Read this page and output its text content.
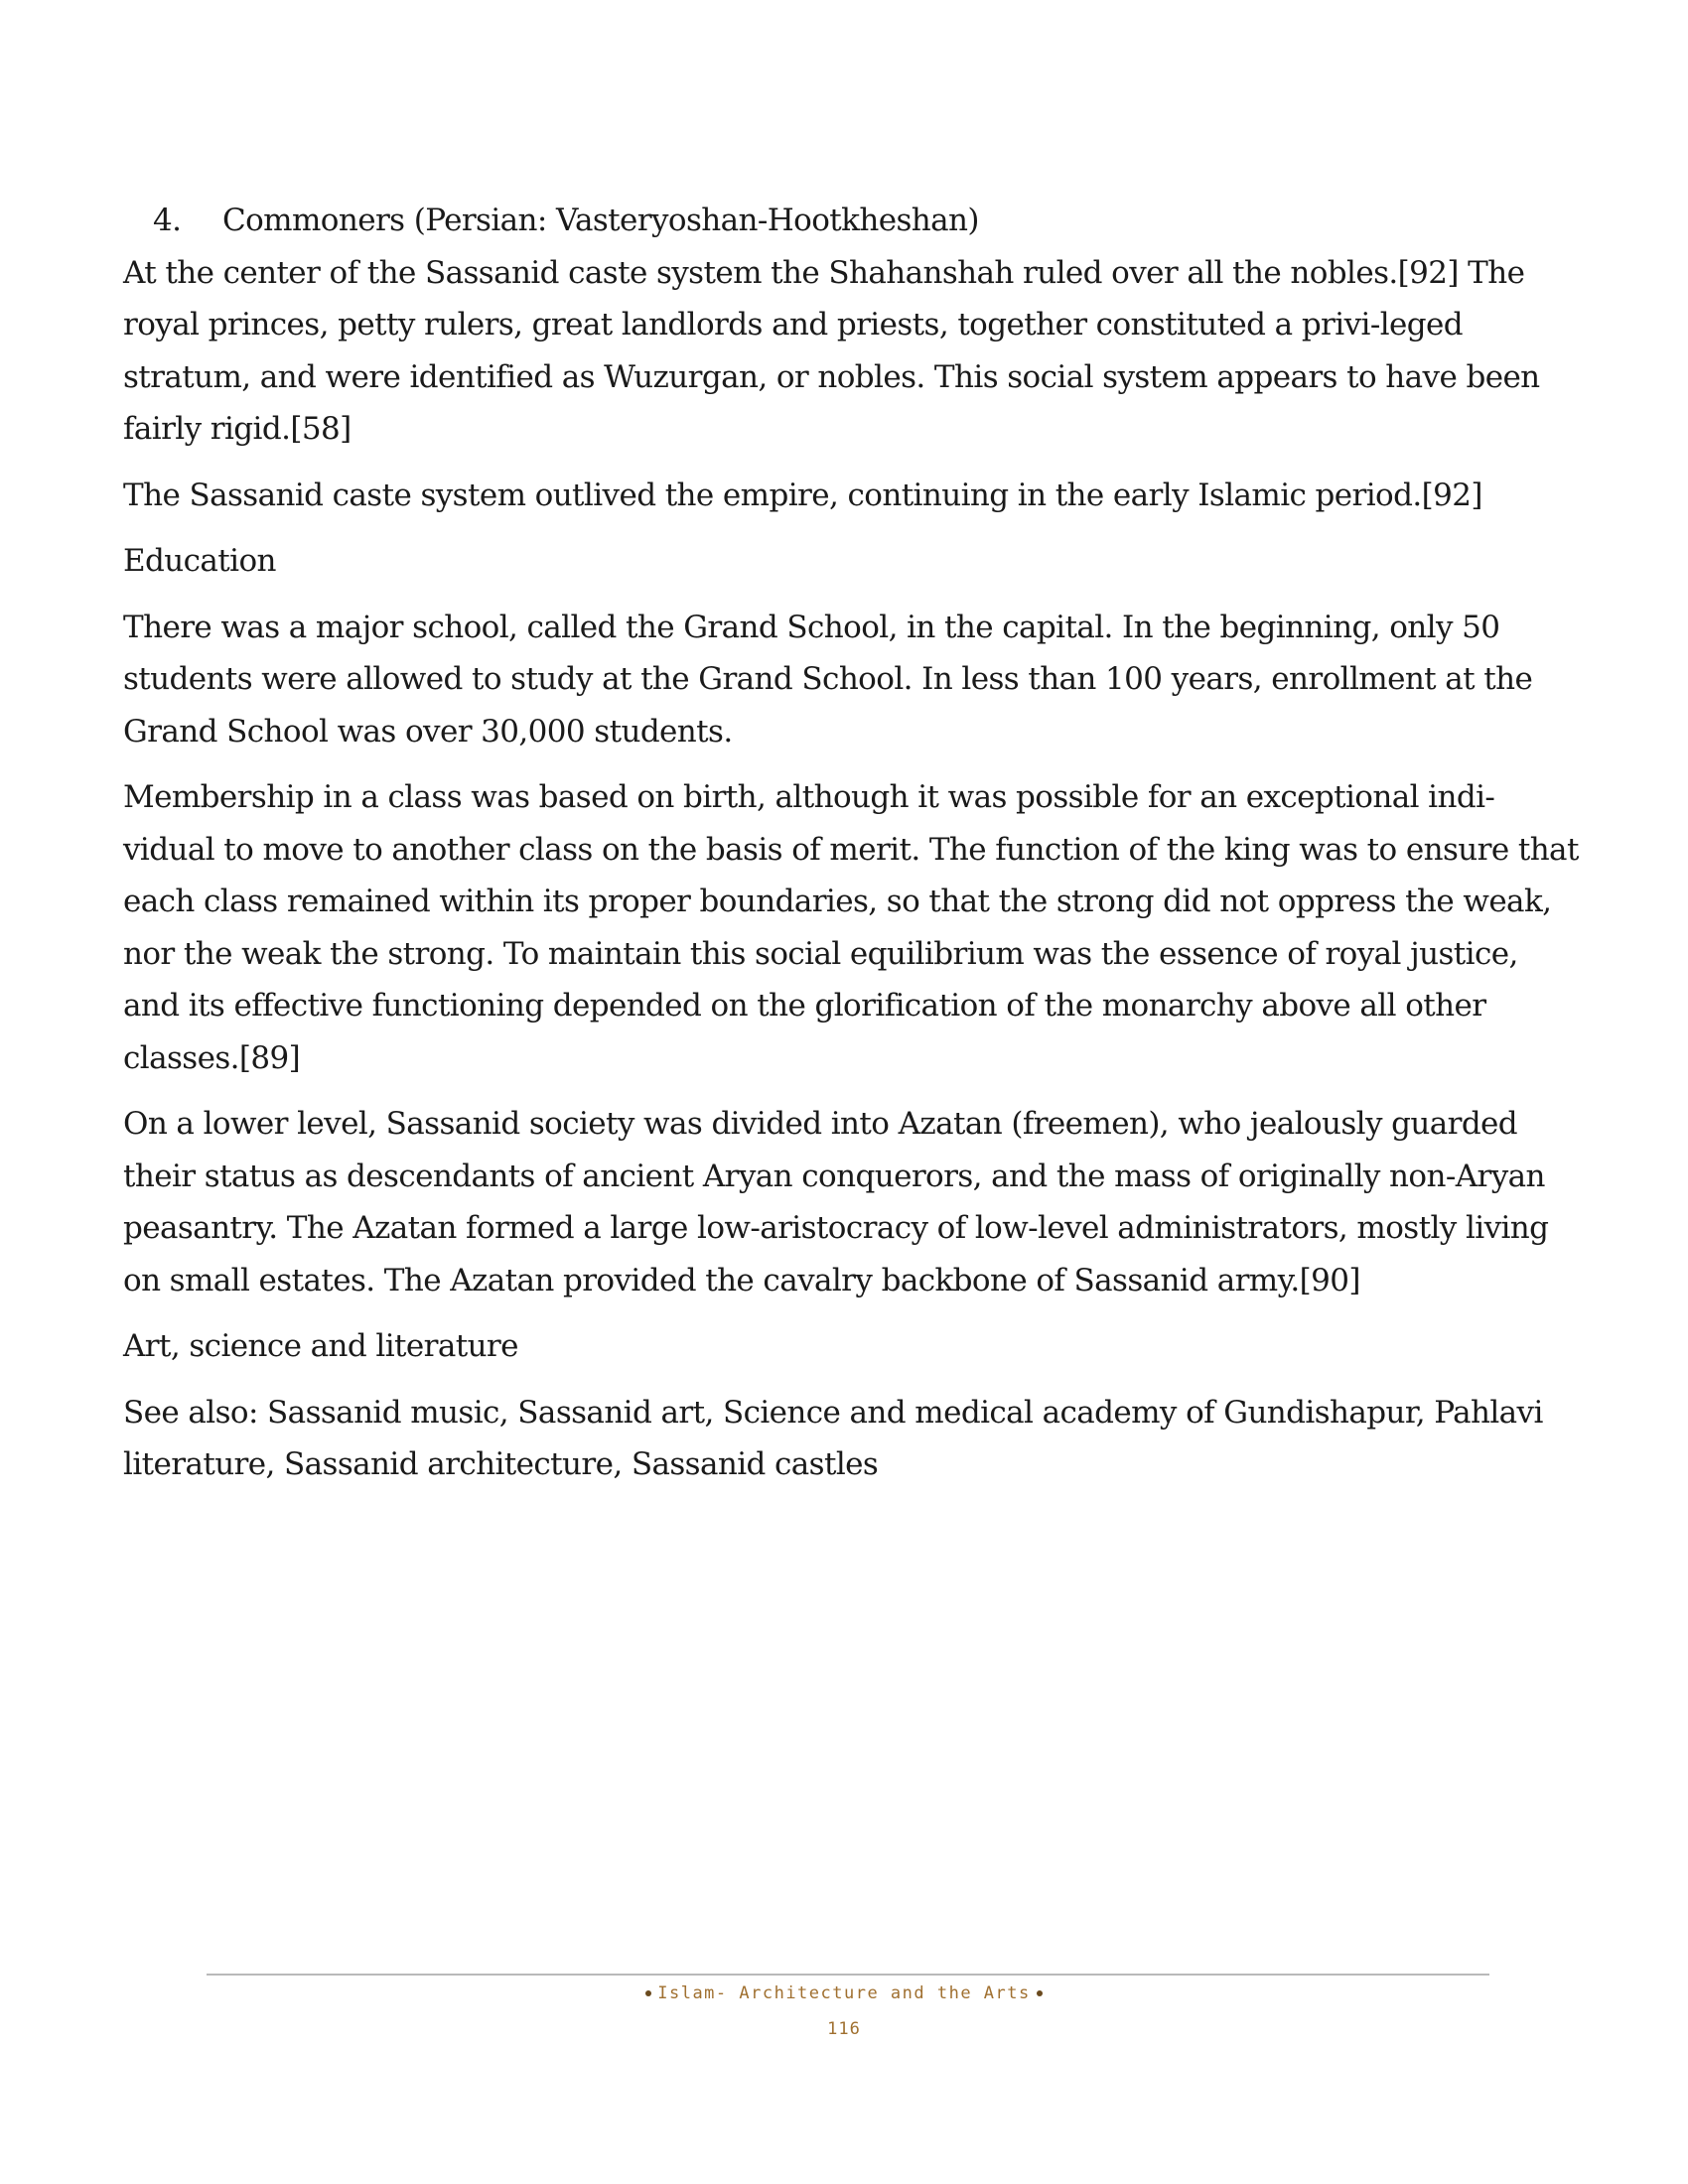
4.	Commoners (Persian: Vasteryoshan-Hootkheshan)

At the center of the Sassanid caste system the Shahanshah ruled over all the nobles.[92] The royal princes, petty rulers, great landlords and priests, together constituted a privi-leged stratum, and were identified as Wuzurgan, or nobles. This social system appears to have been fairly rigid.[58]

The Sassanid caste system outlived the empire, continuing in the early Islamic period.[92]

Education

There was a major school, called the Grand School, in the capital. In the beginning, only 50 students were allowed to study at the Grand School. In less than 100 years, enrollment at the Grand School was over 30,000 students.

Membership in a class was based on birth, although it was possible for an exceptional indi-vidual to move to another class on the basis of merit. The function of the king was to ensure that each class remained within its proper boundaries, so that the strong did not oppress the weak, nor the weak the strong. To maintain this social equilibrium was the essence of royal justice, and its effective functioning depended on the glorification of the monarchy above all other classes.[89]

On a lower level, Sassanid society was divided into Azatan (freemen), who jealously guarded their status as descendants of ancient Aryan conquerors, and the mass of originally non-Aryan peasantry. The Azatan formed a large low-aristocracy of low-level administrators, mostly living on small estates. The Azatan provided the cavalry backbone of Sassanid army.[90]

Art, science and literature

See also: Sassanid music, Sassanid art, Science and medical academy of Gundishapur, Pahlavi literature, Sassanid architecture, Sassanid castles

Islam- Architecture and the Arts
116
